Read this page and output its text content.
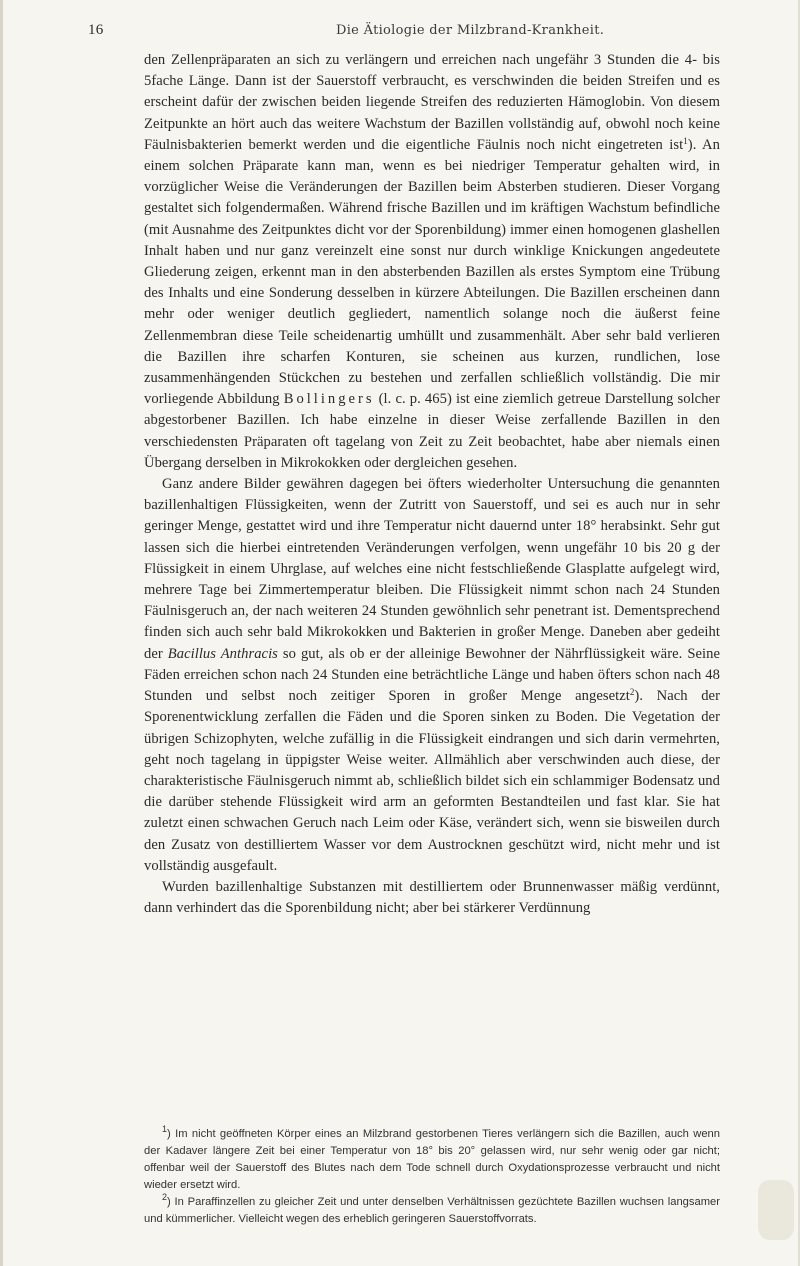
16	Die Ätiologie der Milzbrand-Krankheit.

den Zellenpräparaten an sich zu verlängern und erreichen nach ungefähr 3 Stunden die 4- bis 5fache Länge. Dann ist der Sauerstoff verbraucht, es verschwinden die beiden Streifen und es erscheint dafür der zwischen beiden liegende Streifen des reduzierten Hämoglobin. Von diesem Zeitpunkte an hört auch das weitere Wachstum der Bazillen vollständig auf, obwohl noch keine Fäulnisbakterien bemerkt werden und die eigentliche Fäulnis noch nicht eingetreten ist$^1$). An einem solchen Präparate kann man, wenn es bei niedriger Temperatur gehalten wird, in vorzüglicher Weise die Veränderungen der Bazillen beim Absterben studieren. Dieser Vorgang gestaltet sich folgendermaßen. Während frische Bazillen und im kräftigen Wachstum befindliche (mit Ausnahme des Zeitpunktes dicht vor der Sporenbildung) immer einen homogenen glashellen Inhalt haben und nur ganz vereinzelt eine sonst nur durch winklige Knickungen angedeutete Gliederung zeigen, erkennt man in den absterbenden Bazillen als erstes Symptom eine Trübung des Inhalts und eine Sonderung desselben in kürzere Abteilungen. Die Bazillen erscheinen dann mehr oder weniger deutlich gegliedert, namentlich solange noch die äußerst feine Zellenmembran diese Teile scheidenartig umhüllt und zusammenhält. Aber sehr bald verlieren die Bazillen ihre scharfen Konturen, sie scheinen aus kurzen, rundlichen, lose zusammenhängenden Stückchen zu bestehen und zerfallen schließlich vollständig. Die mir vorliegende Abbildung Bollingers (l. c. p. 465) ist eine ziemlich getreue Darstellung solcher abgestorbener Bazillen. Ich habe einzelne in dieser Weise zerfallende Bazillen in den verschiedensten Präparaten oft tagelang von Zeit zu Zeit beobachtet, habe aber niemals einen Übergang derselben in Mikrokokken oder dergleichen gesehen.

Ganz andere Bilder gewähren dagegen bei öfters wiederholter Untersuchung die genannten bazillenhaltigen Flüssigkeiten, wenn der Zutritt von Sauerstoff, und sei es auch nur in sehr geringer Menge, gestattet wird und ihre Temperatur nicht dauernd unter 18° herabsinkt. Sehr gut lassen sich die hierbei eintretenden Veränderungen verfolgen, wenn ungefähr 10 bis 20 g der Flüssigkeit in einem Uhrglase, auf welches eine nicht festschließende Glasplatte aufgelegt wird, mehrere Tage bei Zimmertemperatur bleiben. Die Flüssigkeit nimmt schon nach 24 Stunden Fäulnisgeruch an, der nach weiteren 24 Stunden gewöhnlich sehr penetrant ist. Dementsprechend finden sich auch sehr bald Mikrokokken und Bakterien in großer Menge. Daneben aber gedeiht der Bacillus Anthracis so gut, als ob er der alleinige Bewohner der Nährflüssigkeit wäre. Seine Fäden erreichen schon nach 24 Stunden eine beträchtliche Länge und haben öfters schon nach 48 Stunden und selbst noch zeitiger Sporen in großer Menge angesetzt$^2$). Nach der Sporenentwicklung zerfallen die Fäden und die Sporen sinken zu Boden. Die Vegetation der übrigen Schizophyten, welche zufällig in die Flüssigkeit eindrangen und sich darin vermehrten, geht noch tagelang in üppigster Weise weiter. Allmählich aber verschwinden auch diese, der charakteristische Fäulnisgeruch nimmt ab, schließlich bildet sich ein schlammiger Bodensatz und die darüber stehende Flüssigkeit wird arm an geformten Bestandteilen und fast klar. Sie hat zuletzt einen schwachen Geruch nach Leim oder Käse, verändert sich, wenn sie bisweilen durch den Zusatz von destilliertem Wasser vor dem Austrocknen geschützt wird, nicht mehr und ist vollständig ausgefault.

Wurden bazillenhaltige Substanzen mit destilliertem oder Brunnenwasser mäßig verdünnt, dann verhindert das die Sporenbildung nicht; aber bei stärkerer Verdünnung

$^1$) Im nicht geöffneten Körper eines an Milzbrand gestorbenen Tieres verlängern sich die Bazillen, auch wenn der Kadaver längere Zeit bei einer Temperatur von 18° bis 20° gelassen wird, nur sehr wenig oder gar nicht; offenbar weil der Sauerstoff des Blutes nach dem Tode schnell durch Oxydationsprozesse verbraucht und nicht wieder ersetzt wird.

$^2$) In Paraffinzellen zu gleicher Zeit und unter denselben Verhältnissen gezüchtete Bazillen wuchsen langsamer und kümmerlicher. Vielleicht wegen des erheblich geringeren Sauerstoffvorrats.
